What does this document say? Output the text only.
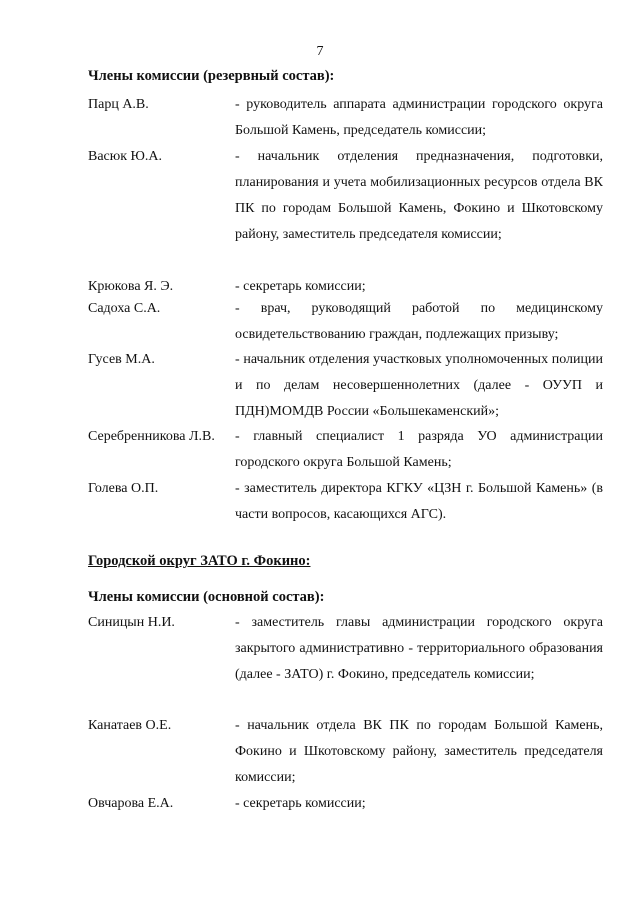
7
Члены комиссии (резервный состав):
Парц А.В.	- руководитель аппарата администрации городского округа Большой Камень, председатель комиссии;
Васюк Ю.А.	- начальник отделения предназначения, подготовки, планирования и учета мобилизационных ресурсов отдела ВК ПК по городам Большой Камень, Фокино и Шкотовскому району, заместитель председателя комиссии;
Крюкова Я. Э.	- секретарь комиссии;
Садоха С.А.	- врач, руководящий работой по медицинскому освидетельствованию граждан, подлежащих призыву;
Гусев М.А.	- начальник отделения участковых уполномоченных полиции и по делам несовершеннолетних (далее - ОУУП и ПДН)МОМДВ России «Большекаменский»;
Серебренникова Л.В. - главный специалист 1 разряда УО администрации городского округа Большой Камень;
Голева О.П.	- заместитель директора КГКУ «ЦЗН г. Большой Камень» (в части вопросов, касающихся АГС).
Городской округ ЗАТО г. Фокино:
Члены комиссии (основной состав):
Синицын Н.И.	- заместитель главы администрации городского округа закрытого административно - территориального образования (далее - ЗАТО) г. Фокино, председатель комиссии;
Канатаев О.Е.	- начальник отдела ВК ПК по городам Большой Камень, Фокино и Шкотовскому району, заместитель председателя комиссии;
Овчарова Е.А.	- секретарь комиссии;
